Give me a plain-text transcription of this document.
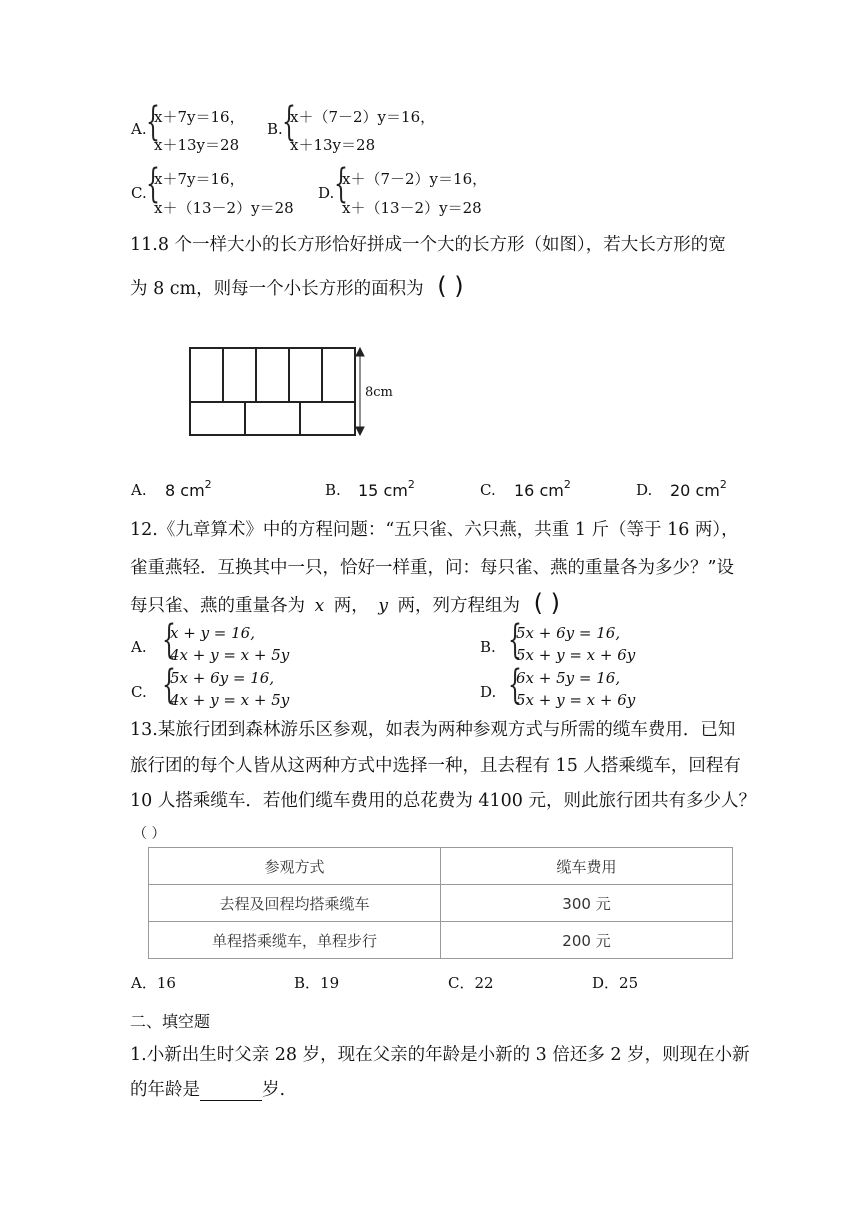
A. {
x＋7y＝16，
x＋13y＝28
B. {
x＋（7－2）y＝16，
x＋13y＝28
C. {
x＋7y＝16，
x＋（13－2）y＝28
D. {
x＋（7－2）y＝16，
x＋（13－2）y＝28
11.8 个一样大小的长方形恰好拼成一个大的长方形（如图），若大长方形的宽
为 8 cm，则每一个小长方形的面积为 ( )
8cm
A. 8 $cm^2$	B. 15 $cm^2$	C. 16 $cm^2$	D. 20 $cm^2$
12.《九章算术》中的方程问题：“五只雀、六只燕，共重 1 斤（等于 16 两），
雀重燕轻．互换其中一只，恰好一样重，问：每只雀、燕的重量各为多少？”设
每只雀、燕的重量各为 x 两， y 两，列方程组为 ( )
A. {
x + y = 16,
4x + y = x + 5y	B. {
5x + 6y = 16,
5x + y = x + 6y
C. {
5x + 6y = 16,
4x + y = x + 5y	D. {
6x + 5y = 16,
5x + y = x + 6y
13.某旅行团到森林游乐区参观，如表为两种参观方式与所需的缆车费用．已知
旅行团的每个人皆从这两种方式中选择一种，且去程有 15 人搭乘缆车，回程有
10 人搭乘缆车．若他们缆车费用的总花费为 4100 元，则此旅行团共有多少人？
（ ）
参观方式	缆车费用
去程及回程均搭乘缆车	300 元
单程搭乘缆车，单程步行	200 元
A．16	B．19	C．22	D．25
二、填空题
1.小新出生时父亲 28 岁，现在父亲的年龄是小新的 3 倍还多 2 岁，则现在小新
的年龄是	岁.
